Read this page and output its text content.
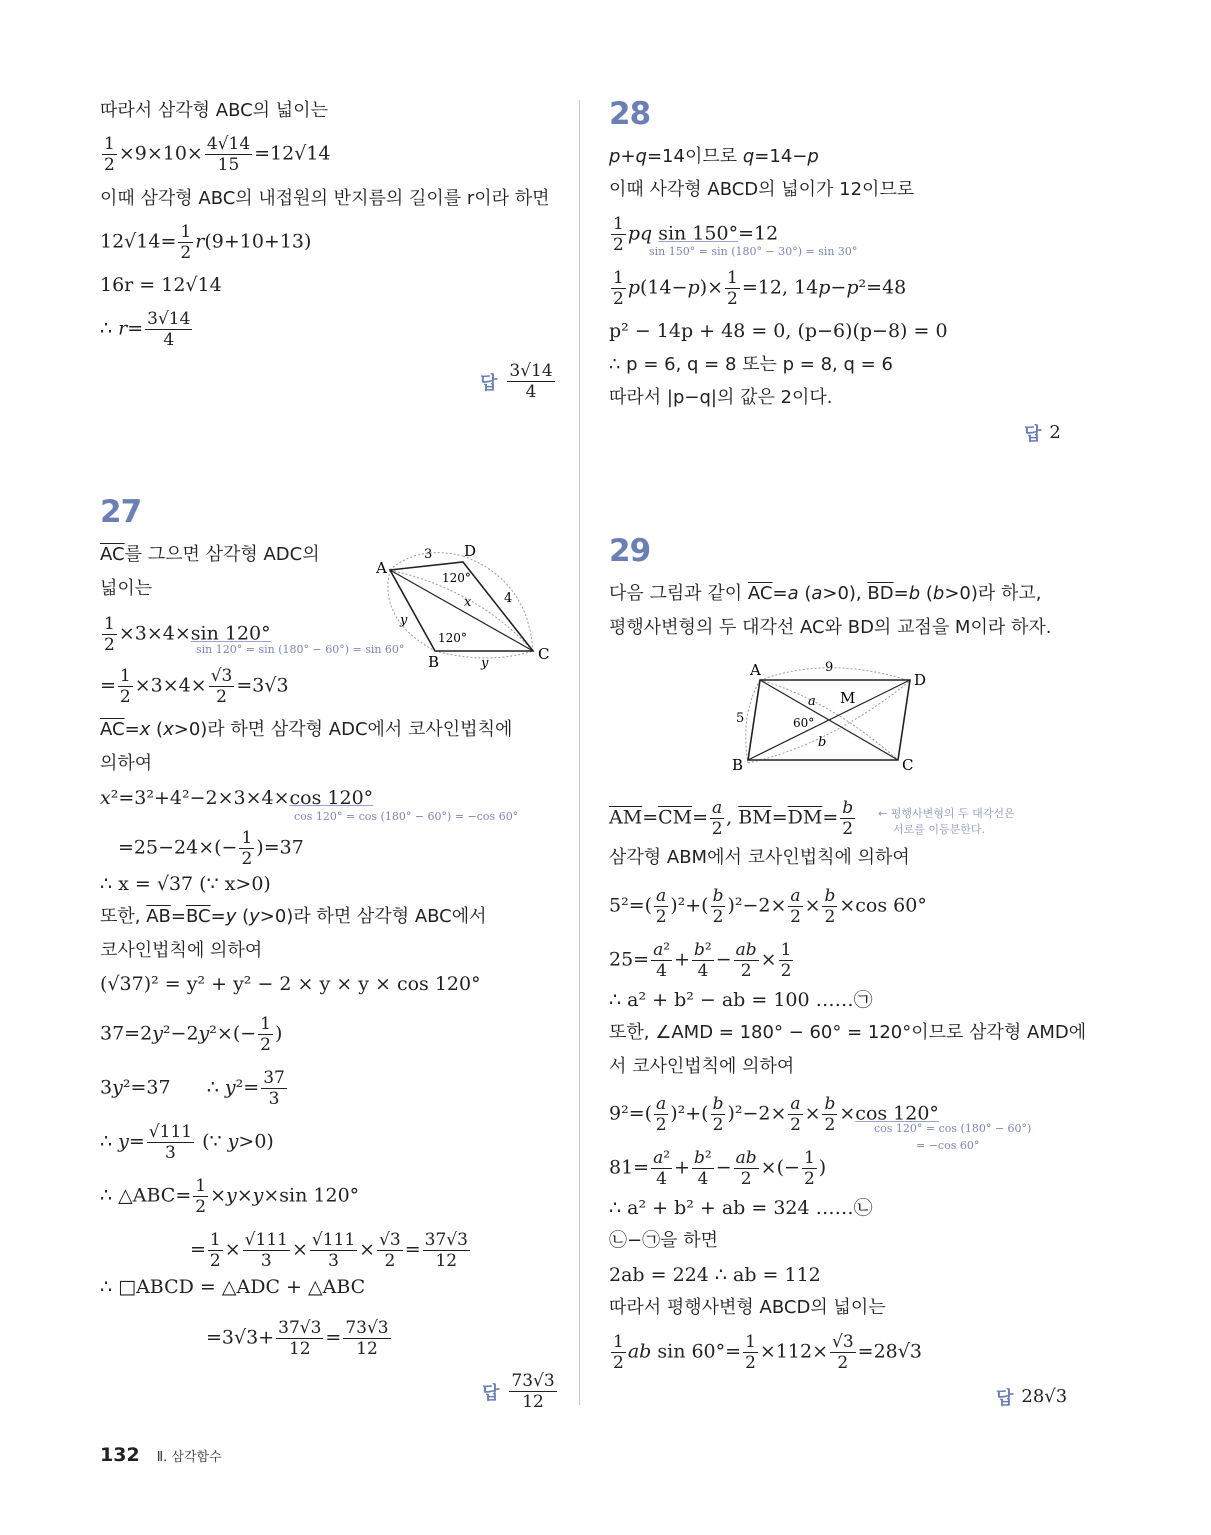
따라서 삼각형 ABC의 넓이는
$\frac{1}{2} \times 9\times 10\times \frac{4√14}{15} =12√14$
이때 삼각형 ABC의 내접원의 반지름의 길이를 r이라 하면
$12√14= \frac{1}{2} r(9+10+13)$
16r = 12√14
∴ $r= \frac{3√14}{4}$
답 $\frac{3√14}{4}$
27
$\overline{AC}$를 그으면 삼각형 ADC의
넓이는
$\frac{1}{2} \times 3\times 4\times\sin$ 120°
sin 120° = sin (180° − 60°) = sin 60°
= $\frac{1}{2} \times 3\times 4\times \frac{√3}{2} =3√3$
A
D
3
120°
4
x
y
120°
B	C
y
$\overline{AC}=x$ (x>0)라 하면 삼각형 ADC에서 코사인법칙에
의하여
x²=3²+4²−2×3×4×cos 120°
cos 120° = cos (180° − 60°) = −cos 60°
$=25-24\times(- \frac{1}{2} )=37$
∴ x = √37 (∵ x>0)
또한, $\overline{AB}=\overline{BC}=y$ (y>0)라 하면 삼각형 ABC에서
코사인법칙에 의하여
(√37)² = y² + y² − 2 × y × y × cos 120°
$37=2y^2-2y^2\times(- \frac{1}{2}$ )
3y²=37      ∴ $y^2= \frac{37}{3}$
∴ $y= \frac{√111}{3}$ (∵ y>0)
∴ △ABC= $\frac{1}{2} \times y\times y\times\sin$ 120°
= $\frac{1}{2} \times \frac{√111}{3} \times \frac{√111}{3} \times \frac{√3}{2} = \frac{37√3}{12}$
∴ □ABCD = △ADC + △ABC
$=3√3+ \frac{37√3}{12} = \frac{73√3}{12}$
답 $\frac{73√3}{12}$
28
p+q=14이므로 q=14−p
이때 사각형 ABCD의 넓이가 12이므로
$\frac{1}{2}$ pq sin 150°=12
sin 150° = sin (180° − 30°) = sin 30°
$\frac{1}{2} p(14-p)\times \frac{1}{2} =12$, 14p−p²=48
p² − 14p + 48 = 0, (p−6)(p−8) = 0
∴ p = 6, q = 8 또는 p = 8, q = 6
따라서 |p−q|의 값은 2이다.
답 2
29
다음 그림과 같이 $\overline{AC}=a$ (a>0), $\overline{BD}=b$ (b>0)라 하고,
평행사변형의 두 대각선 AC와 BD의 교점을 M이라 하자.
A
D
9
5
a M
60°
b
B	C
$\overline{AM}=\overline{CM}= \frac{a}{2}$ , $\overline{BM}=\overline{DM}= \frac{b}{2}$ ← 평행사변형의 두 대각선은
서로를 이등분한다.
삼각형 ABM에서 코사인법칙에 의하여
$5^2=( \frac{a}{2} )^2+( \frac{b}{2} )^2-2\times \frac{a}{2} \times \frac{b}{2} \times\cos$ 60°
$25= \frac{\text{a²}}{4} + \frac{\text{b²}}{4} - \frac{ab}{2} \times \frac{1}{2}$
∴ a² + b² − ab = 100 ……㉠
또한, ∠AMD = 180° − 60° = 120°이므로 삼각형 AMD에
서 코사인법칙에 의하여
$9^2=( \frac{a}{2} )^2+( \frac{b}{2} )^2-2\times \frac{a}{2} \times \frac{b}{2} \times\cos$ 120°
cos 120° = cos (180° − 60°)
= −cos 60°
$81= \frac{\text{a²}}{4} + \frac{\text{b²}}{4} - \frac{ab}{2}$ ×(− $\frac{1}{2}$ )
∴ a² + b² + ab = 324 ……㉡
㉡−㉠을 하면
2ab = 224 ∴ ab = 112
따라서 평행사변형 ABCD의 넓이는
$\frac{1}{2}$ ab $\sin 60^\circ= \frac{1}{2} \times 112\times \frac{√3}{2} =28√3$
답 28√3
132 Ⅱ. 삼각함수
